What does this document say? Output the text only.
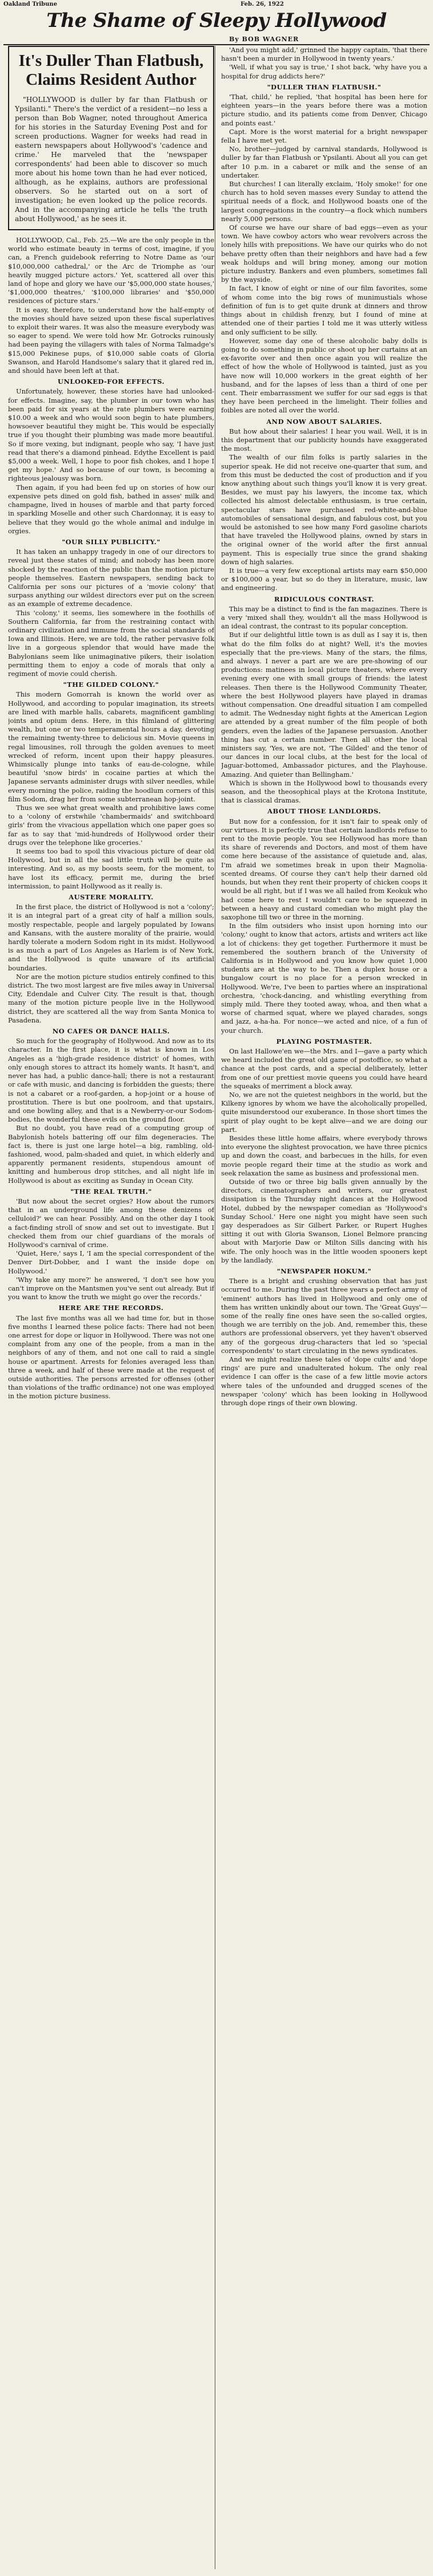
Oakland Tribune	Feb. 26, 1922
The Shame of Sleepy Hollywood
By BOB WAGNER
It's Duller Than Flatbush, Claims Resident Author

"HOLLYWOOD is duller by far than Flatbush or Ypsilanti." There's the verdict of a resident—no less a person than Bob Wagner, noted throughout America for his stories in the Saturday Evening Post and for screen productions. Wagner for weeks had read in eastern newspapers about Hollywood's 'cadence and crime.' He marveled that the 'newspaper correspondents' had been able to discover so much more about his home town than he had ever noticed, although, as he explains, authors are professional observers. So he started out on a sort of investigation; he even looked up the police records. And in the accompanying article he tells 'the truth about Hollywood,' as he sees it.

HOLLYWOOD, Cal., Feb. 25.—We are the only people in the world who estimate beauty in terms of cost, imagine, if you can, a French guidebook referring to Notre Dame as 'our $10,000,000 cathedral,' or the Arc de Triomphe as 'our heavily mugged picture actors.' Yet, scattered all over this land of hope and glory we have our '$5,000,000 state houses,' '$1,000,000 theatres,' '$100,000 libraries' and '$50,000 residences of picture stars.'

It is easy, therefore, to understand how the half-empty of the movies should have seized upon these fiscal superlatives to exploit their wares. It was also the measure everybody was so eager to spend. We were told how Mr. Gotrocks ruinously had been paying the villagers with tales of Norma Talmadge's $15,000 Pekinese pups, of $10,000 sable coats of Gloria Swanson, and Harold Handsome's salary that it glared red in, and should have been left at that.

UNLOOKED-FOR EFFECTS.

Unfortunately, however, these stories have had unlooked-for effects. Imagine, say, the plumber in our town who has been paid for six years at the rate plumbers were earning $10.00 a week and who would soon begin to hate plumbers, howsoever beautiful they might be. This would be especially true if you thought their plumbing was made more beautiful. So if more vexing, but indignant, people who say, 'I have just read that there's a diamond pinhead. Edythe Excellent is paid $5,000 a week. Well, I hope to poor fish chokes, and I hope I get my hope.' And so because of our town, is becoming a righteous jealousy was born.

Then again, if you had been fed up on stories of how our expensive pets dined on gold fish, bathed in asses' milk and champagne, lived in houses of marble and that party forced in sparkling Moselle and other such Chardonnay, it is easy to believe that they would go the whole animal and indulge in orgies.

"OUR SILLY PUBLICITY."

It has taken an unhappy tragedy in one of our directors to reveal just these states of mind; and nobody has been more shocked by the reaction of the public than the motion picture people themselves. Eastern newspapers, sending back to California per sons our pictures of a 'movie colony' that surpass anything our wildest directors ever put on the screen as an example of extreme decadence.

This 'colony,' it seems, lies somewhere in the foothills of Southern California, far from the restraining contact with ordinary civilization and immune from the social standards of Iowa and Illinois. Here, we are told, the rather pervasive folk live in a gorgeous splendor that would have made the Babylonians seem like unimaginative pikers, their isolation permitting them to enjoy a code of morals that only a regiment of movie could cherish.

"THE GILDED COLONY."

This modern Gomorrah is known the world over as Hollywood, and according to popular imagination, its streets are lined with marble halls, cabarets, magnificent gambling joints and opium dens. Here, in this filmland of glittering wealth, but one or two temperamental hours a day, devoting the remaining twenty-three to delicious sin. Movie queens in regal limousines, roll through the golden avenues to meet wrecked of reform, incent upon their happy pleasures. Whimsically plunge into tanks of eau-de-cologne, while beautiful 'snow birds' in cocaine parties at which the Japanese servants administer drugs with silver needles, while every morning the police, raiding the hoodlum corners of this film Sodom, drag her from some subterranean hop-joint.

Thus we see what great wealth and prohibitive laws come to a 'colony of erstwhile 'chambermaids' and switchboard girls' from the vivacious appellation which one paper goes so far as to say that 'mid-hundreds of Hollywood order their drugs over the telephone like groceries.'

It seems too bad to spoil this vivacious picture of dear old Hollywood, but in all the sad little truth will be quite as interesting. And so, as my boosts seem, for the moment, to have lost its efficacy, permit me, during the brief intermission, to paint Hollywood as it really is.

AUSTERE MORALITY.

In the first place, the district of Hollywood is not a 'colony'; it is an integral part of a great city of half a million souls, mostly respectable, people and largely populated by Iowans and Kansans, with the austere morality of the prairie, would hardly tolerate a modern Sodom right in its midst. Hollywood is as much a part of Los Angeles as Harlem is of New York, and the Hollywood is quite unaware of its artificial boundaries.

Nor are the motion picture studios entirely confined to this district. The two most largest are five miles away in Universal City, Edendale and Culver City. The result is that, though many of the motion picture people live in the Hollywood district, they are scattered all the way from Santa Monica to Pasadena.

NO CAFES OR DANCE HALLS.

So much for the geography of Hollywood. And now as to its character. In the first place, it is what is known in Los Angeles as a 'high-grade residence district' of homes, with only enough stores to attract its homely wants. It hasn't, and never has had, a public dance-hall; there is not a restaurant or cafe with music, and dancing is forbidden the guests; there is not a cabaret or a roof-garden, a hop-joint or a house of prostitution. There is but one poolroom, and that upstairs, and one bowling alley, and that is a Newberry-or-our Sodom-bodies, the wonderful these evils on the ground floor.

But no doubt, you have read of a computing group of Babylonish hotels battering off our film degeneracies. The fact is, there is just one large hotel—a big, rambling, old-fashioned, wood, palm-shaded and quiet, in which elderly and apparently permanent residents, stupendous amount of knitting and humberous drop stitches, and all night life in Hollywood is about as exciting as Sunday in Ocean City.

"THE REAL TRUTH."

'But now about the secret orgies? How about the rumors that in an underground life among these denizens of celluloid?' we can hear. Possibly. And on the other day I took a fact-finding stroll of snow and set out to investigate. But I checked them from our chief guardians of the morals of Hollywood's carnival of crime.

'Quiet, Here,' says I, 'I am the special correspondent of the Denver Dirt-Dobber, and I want the inside dope on Hollywood.'

'Why take any more?' he answered, 'I don't see how you can't improve on the Mantsmen you've sent out already. But if you want to know the truth we might go over the records.'

HERE ARE THE RECORDS.

The last five months was all we had time for, but in those five months I learned these police facts: There had not been one arrest for dope or liquor in Hollywood. There was not one complaint from any one of the people, from a man in the neighbors of any of them, and not one call to raid a single house or apartment. Arrests for felonies averaged less than three a week, and half of these were made at the request of outside authorities. The persons arrested for offenses (other than violations of the traffic ordinance) not one was employed in the motion picture business.

'And you might add,' grinned the happy captain, 'that there hasn't been a murder in Hollywood in twenty years.'

'Well, if what you say is true,' I shot back, 'why have you a hospital for drug addicts here?'

"DULLER THAN FLATBUSH."

'That, child,' he replied, 'that hospital has been here for eighteen years—in the years before there was a motion picture studio, and its patients come from Denver, Chicago and points east.'

Capt. More is the worst material for a bright newspaper fella I have met yet.

No, brother—judged by carnival standards, Hollywood is duller by far than Flatbush or Ypsilanti. About all you can get after 10 p.m. in a cabaret or milk and the sense of an undertaker.

But churches! I can literally exclaim, 'Holy smoke!' for one church has to hold seven masses every Sunday to attend the spiritual needs of a flock, and Hollywood boasts one of the largest congregations in the country—a flock which numbers nearly 5,000 persons.

Of course we have our share of bad eggs—even as your town. We have cowboy actors who wear revolvers across the lonely hills with prepositions. We have our quirks who do not behave pretty often than their neighbors and have had a few weak holdups and will bring money, among our motion picture industry. Bankers and even plumbers, sometimes fall by the wayside.

In fact, I know of eight or nine of our film favorites, some of whom come into the big rows of munimustials whose definition of fun is to get quite drunk at dinners and throw things about in childish frenzy, but I found of mine at attended one of their parties I told me it was utterly witless and only sufficient to be silly.

However, some day one of these alcoholic baby dolls is going to do something in public or shoot up her curtains at an ex-favorite over and then once again you will realize the effect of how the whole of Hollywood is tainted, just as you have now will 10,000 workers in the great eighth of her husband, and for the lapses of less than a third of one per cent. Their embarrassment we suffer for our sad eggs is that they have been percheed in the limelight. Their follies and foibles are noted all over the world.

AND NOW ABOUT SALARIES.

But how about their salaries! I hear you wail. Well, it is in this department that our publicity hounds have exaggerated the most.

The wealth of our film folks is partly salaries in the superior speak. He did not receive one-quarter that sum, and from this must be deducted the cost of production and if you know anything about such things you'll know it is very great. Besides, we must pay his lawyers, the income tax, which collected his almost delectable enthusiasm, is true certain, spectacular stars have purchased red-white-and-blue automobiles of sensational design, and fabulous cost, but you would be astonished to see how many Ford gasoline chariots that have traveled the Hollywood plains, owned by stars in the original owner of the world after the first annual payment. This is especially true since the grand shaking down of high salaries.

It is true—a very few exceptional artists may earn $50,000 or $100,000 a year, but so do they in literature, music, law and engineering.

RIDICULOUS CONTRAST.

This may be a distinct to find is the fan magazines. There is a very 'mixed shall they, wouldn't all the mass Hollywood is an ideal contrast, the contrast to its popular conception.

But if our delightful little town is as dull as I say it is, then what do the film folks do at night? Well, it's the movies especially that the pre-views. Many of the stars, the films, and always. I never a part are we are pre-showing of our productions: matinees in local picture theaters, where every evening every one with small groups of friends: the latest releases. Then there is the Hollywood Community Theater, where the best Hollywood players have played in dramas without compensation. One dreadful situation I am compelled to admit. The Wednesday night fights at the American Legion are attended by a great number of the film people of both genders, even the ladies of the Japanese persuasion. Another thing has cut a certain number. Then all other the local ministers say, 'Yes, we are not, 'The Gilded' and the tenor of our dances in our local clubs, at the best for the local of Jaguar-bottomed, Ambassador pictures, and the Playhouse. Amazing. And quieter than Bellingham.'

Which is shown in the Hollywood bowl to thousands every season, and the theosophical plays at the Krotona Institute, that is classical dramas.

ABOUT THOSE LANDLORDS.

But now for a confession, for it isn't fair to speak only of our virtues. It is perfectly true that certain landlords refuse to rent to the movie people. You see Hollywood has more than its share of reverends and Doctors, and most of them have come here because of the assistance of quietude and, alas, I'm afraid we sometimes break in upon their Magnolia-scented dreams. Of course they can't help their darned old hounds, but when they rent their property of chicken coops it would be all right, but if I was we all hailed from Keokuk who had come here to rest I wouldn't care to be squeezed in between a heavy and custard comedian who might play the saxophone till two or three in the morning.

In the film outsiders who insist upon horning into our 'colony,' ought to know that actors, artists and writers act like a lot of chickens: they get together. Furthermore it must be remembered the southern branch of the University of California is in Hollywood and you know how quiet 1,000 students are at the way to be. Then a duplex house or a bungalow court is no place for a person wrecked in Hollywood. We're, I've been to parties where an inspirational orchestra, 'chock-dancing, and whistling everything from simply mild. There they tooted away, whoa, and then what a worse of charmed squat, where we played charades, songs and jazz, a-ha-ha. For nonce—we acted and nice, of a fun of your church.

PLAYING POSTMASTER.

On last Hallowe'en we—the Mrs. and I—gave a party which we heard included the great old game of postoffice, so what a chance at the post cards, and a special deliberately, letter from one of our prettiest movie queens you could have heard the squeaks of merriment a block away.

No, we are not the quietest neighbors in the world, but the Kilkeny ignores by whom we have the alcoholically propelled, quite misunderstood our exuberance. In those short times the spirit of play ought to be kept alive—and we are doing our part.

Besides these little home affairs, where everybody throws into everyone the slightest provocation, we have three picnics up and down the coast, and barbecues in the hills, for even movie people regard their time at the studio as work and seek relaxation the same as business and professional men.

Outside of two or three big balls given annually by the directors, cinematographers and writers, our greatest dissipation is the Thursday night dances at the Hollywood Hotel, dubbed by the newspaper comedian as 'Hollywood's Sunday School.' Here one night you might have seen such gay desperadoes as Sir Gilbert Parker, or Rupert Hughes sitting it out with Gloria Swanson, Lionel Belmore prancing about with Marjorie Daw or Milton Sills dancing with his wife. The only hooch was in the little wooden spooners kept by the landlady.

"NEWSPAPER HOKUM."

There is a bright and crushing observation that has just occurred to me. During the past three years a perfect army of 'eminent' authors has lived in Hollywood and only one of them has written unkindly about our town. The 'Great Guys'—some of the really fine ones have seen the so-called orgies, though we are terribly on the job. And, remember this, these authors are professional observers, yet they haven't observed any of the gorgeous drug-characters that led so 'special correspondents' to start circulating in the news syndicates.

And we might realize these tales of 'dope cults' and 'dope rings' are pure and unadulterated hokum. The only real evidence I can offer is the case of a few little movie actors where tales of the unfounded and drugged scenes of the newspaper 'colony' which has been looking in Hollywood through dope rings of their own blowing.
